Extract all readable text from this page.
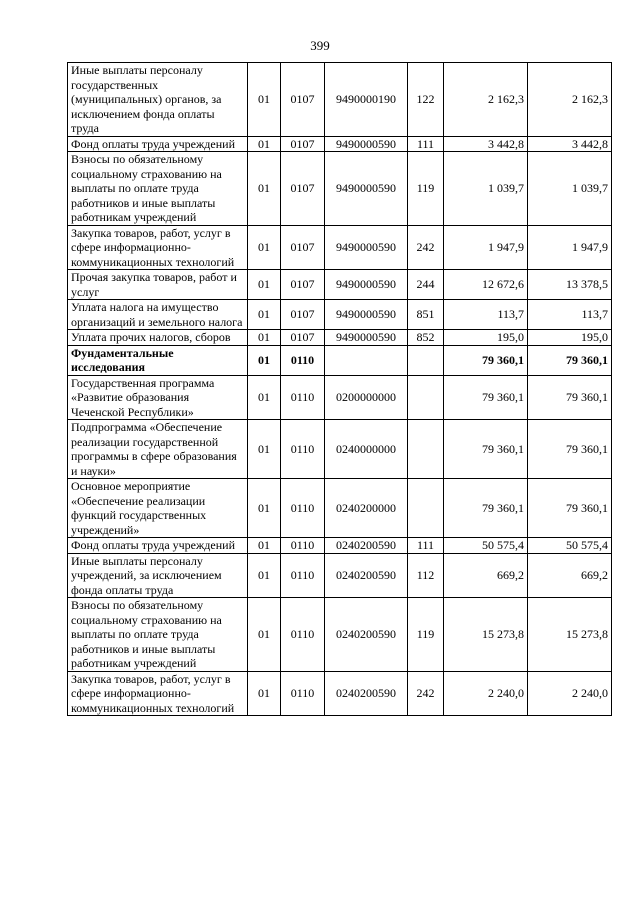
399
Иные выплаты персоналу государственных (муниципальных) органов, за исключением фонда оплаты труда	01	0107	9490000190	122	2 162,3	2 162,3
Фонд оплаты труда учреждений	01	0107	9490000590	111	3 442,8	3 442,8
Взносы по обязательному социальному страхованию на выплаты по оплате труда работников и иные выплаты работникам учреждений	01	0107	9490000590	119	1 039,7	1 039,7
Закупка товаров, работ, услуг в сфере информационно-коммуникационных технологий	01	0107	9490000590	242	1 947,9	1 947,9
Прочая закупка товаров, работ и услуг	01	0107	9490000590	244	12 672,6	13 378,5
Уплата налога на имущество организаций и земельного налога	01	0107	9490000590	851	113,7	113,7
Уплата прочих налогов, сборов	01	0107	9490000590	852	195,0	195,0
Фундаментальные исследования	01	0110			79 360,1	79 360,1
Государственная программа «Развитие образования Чеченской Республики»	01	0110	0200000000		79 360,1	79 360,1
Подпрограмма «Обеспечение реализации государственной программы в сфере образования и науки»	01	0110	0240000000		79 360,1	79 360,1
Основное мероприятие «Обеспечение реализации функций государственных учреждений»	01	0110	0240200000		79 360,1	79 360,1
Фонд оплаты труда учреждений	01	0110	0240200590	111	50 575,4	50 575,4
Иные выплаты персоналу учреждений, за исключением фонда оплаты труда	01	0110	0240200590	112	669,2	669,2
Взносы по обязательному социальному страхованию на выплаты по оплате труда работников и иные выплаты работникам учреждений	01	0110	0240200590	119	15 273,8	15 273,8
Закупка товаров, работ, услуг в сфере информационно-коммуникационных технологий	01	0110	0240200590	242	2 240,0	2 240,0
